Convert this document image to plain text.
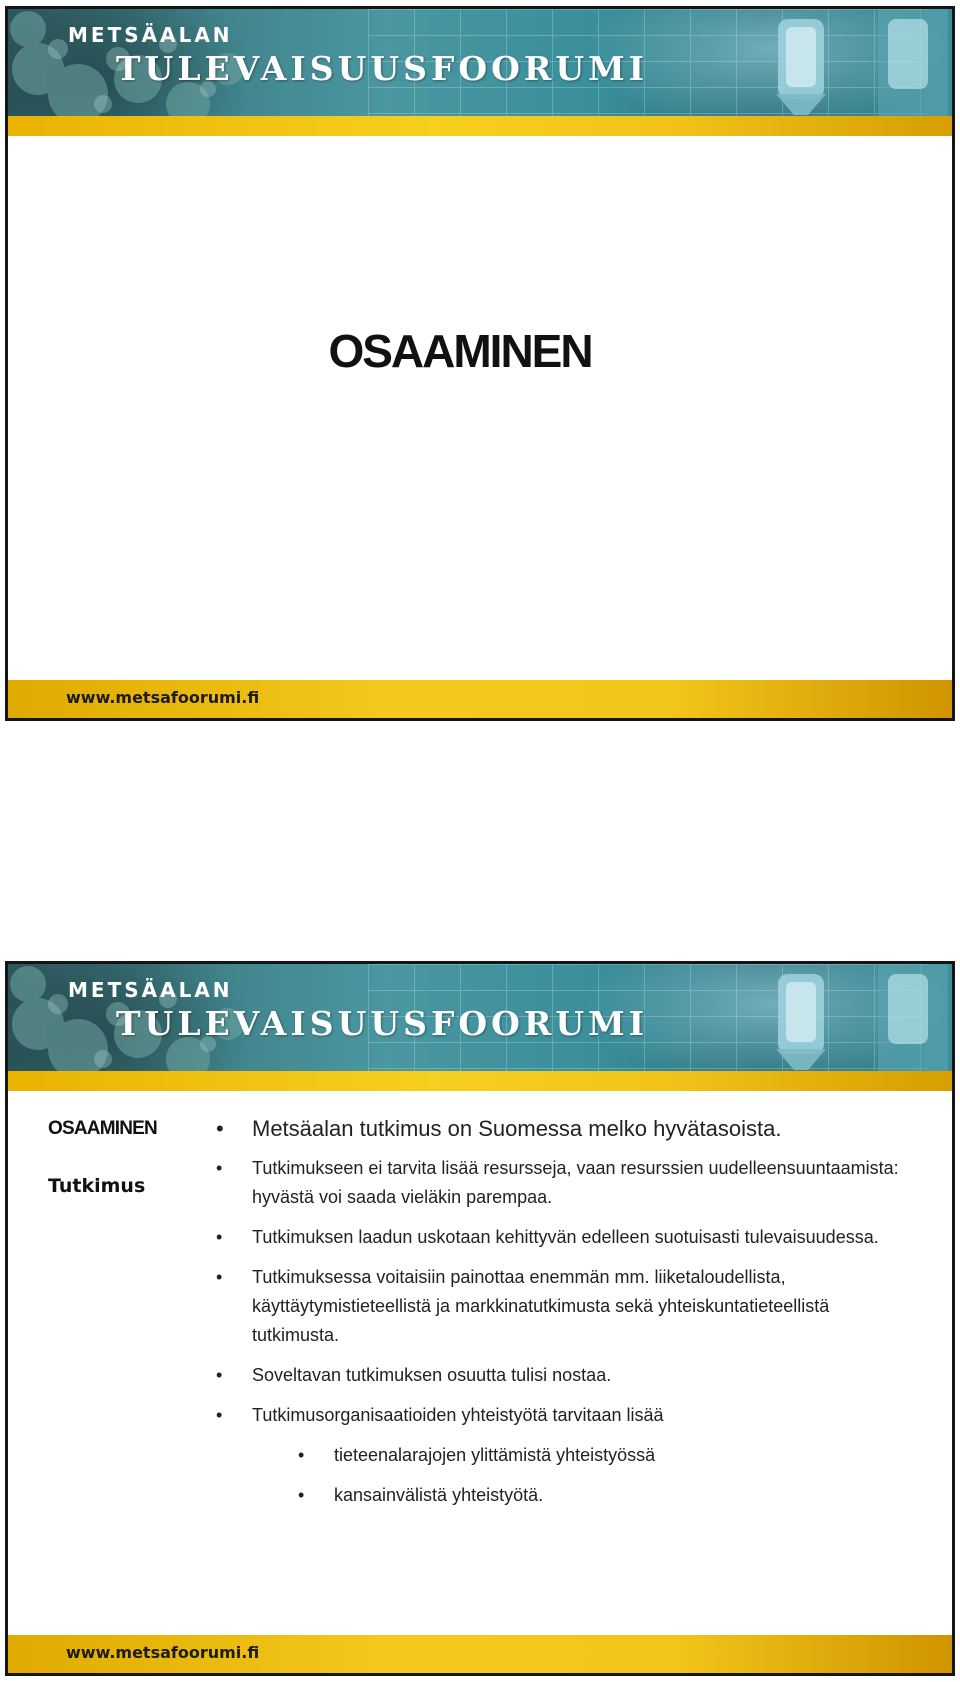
METSÄALAN
TULEVAISUUSFOORUMI
OSAAMINEN
www.metsafoorumi.fi
METSÄALAN
TULEVAISUUSFOORUMI
OSAAMINEN
Tutkimus
• Metsäalan tutkimus on Suomessa melko hyvätasoista.
• Tutkimukseen ei tarvita lisää resursseja, vaan resurssien uudelleensuuntaamista: hyvästä voi saada vieläkin parempaa.
• Tutkimuksen laadun uskotaan kehittyvän edelleen suotuisasti tulevaisuudessa.
• Tutkimuksessa voitaisiin painottaa enemmän mm. liiketaloudellista, käyttäytymistieteellistä ja markkinatutkimusta sekä yhteiskuntatieteellistä tutkimusta.
• Soveltavan tutkimuksen osuutta tulisi nostaa.
• Tutkimusorganisaatioiden yhteistyötä tarvitaan lisää
• tieteenalarajojen ylittämistä yhteistyössä
• kansainvälistä yhteistyötä.
www.metsafoorumi.fi
